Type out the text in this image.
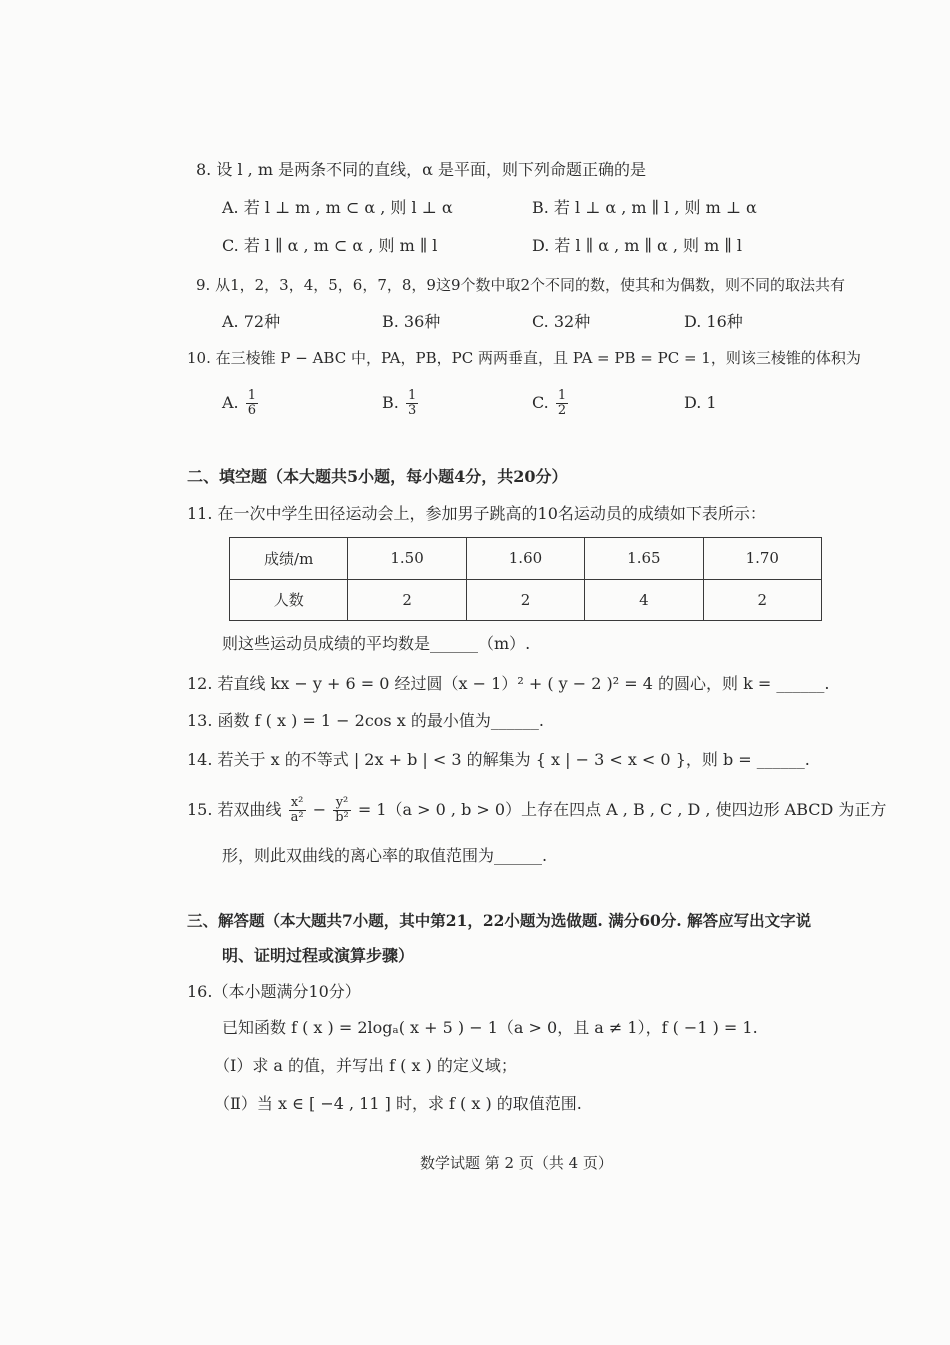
8. 设 l , m 是两条不同的直线，α 是平面，则下列命题正确的是
A. 若 l ⊥ m , m ⊂ α , 则 l ⊥ α	B. 若 l ⊥ α , m ∥ l , 则 m ⊥ α
C. 若 l ∥ α , m ⊂ α , 则 m ∥ l	D. 若 l ∥ α , m ∥ α , 则 m ∥ l
9. 从1，2，3，4，5，6，7，8，9这9个数中取2个不同的数，使其和为偶数，则不同的取法共有
A. 72种	B. 36种	C. 32种	D. 16种
10. 在三棱锥 P − ABC 中，PA，PB，PC 两两垂直，且 PA = PB = PC = 1，则该三棱锥的体积为
A. $\frac{1}{6}$	B. $\frac{1}{3}$	C. $\frac{1}{2}$	D. 1
二、填空题（本大题共5小题，每小题4分，共20分）
11. 在一次中学生田径运动会上，参加男子跳高的10名运动员的成绩如下表所示：
成绩/m	1.50	1.60	1.65	1.70
人数	2	2	4	2
则这些运动员成绩的平均数是______（m）.
12. 若直线 kx − y + 6 = 0 经过圆（x − 1）² + ( y − 2 )² = 4 的圆心，则 k = ______.
13. 函数 f ( x ) = 1 − 2cos x 的最小值为______.
14. 若关于 x 的不等式 | 2x + b | < 3 的解集为 { x | − 3 < x < 0 }，则 b = ______.
15. 若双曲线 $\frac{\text{x²}}{\text{a²}} - \frac{\text{y²}}{\text{b²}} = 1(a > 0$ , b > 0）上存在四点 A , B , C , D , 使四边形 ABCD 为正方
形，则此双曲线的离心率的取值范围为______.
三、解答题（本大题共7小题，其中第21，22小题为选做题. 满分60分. 解答应写出文字说
明、证明过程或演算步骤）
16.（本小题满分10分）
已知函数 f ( x ) = 2logₐ( x + 5 ) − 1（a > 0，且 a ≠ 1），f ( −1 ) = 1.
（Ⅰ）求 a 的值，并写出 f ( x ) 的定义域；
（Ⅱ）当 x ∈ [ −4 , 11 ] 时，求 f ( x ) 的取值范围.
数学试题 第 2 页（共 4 页）
